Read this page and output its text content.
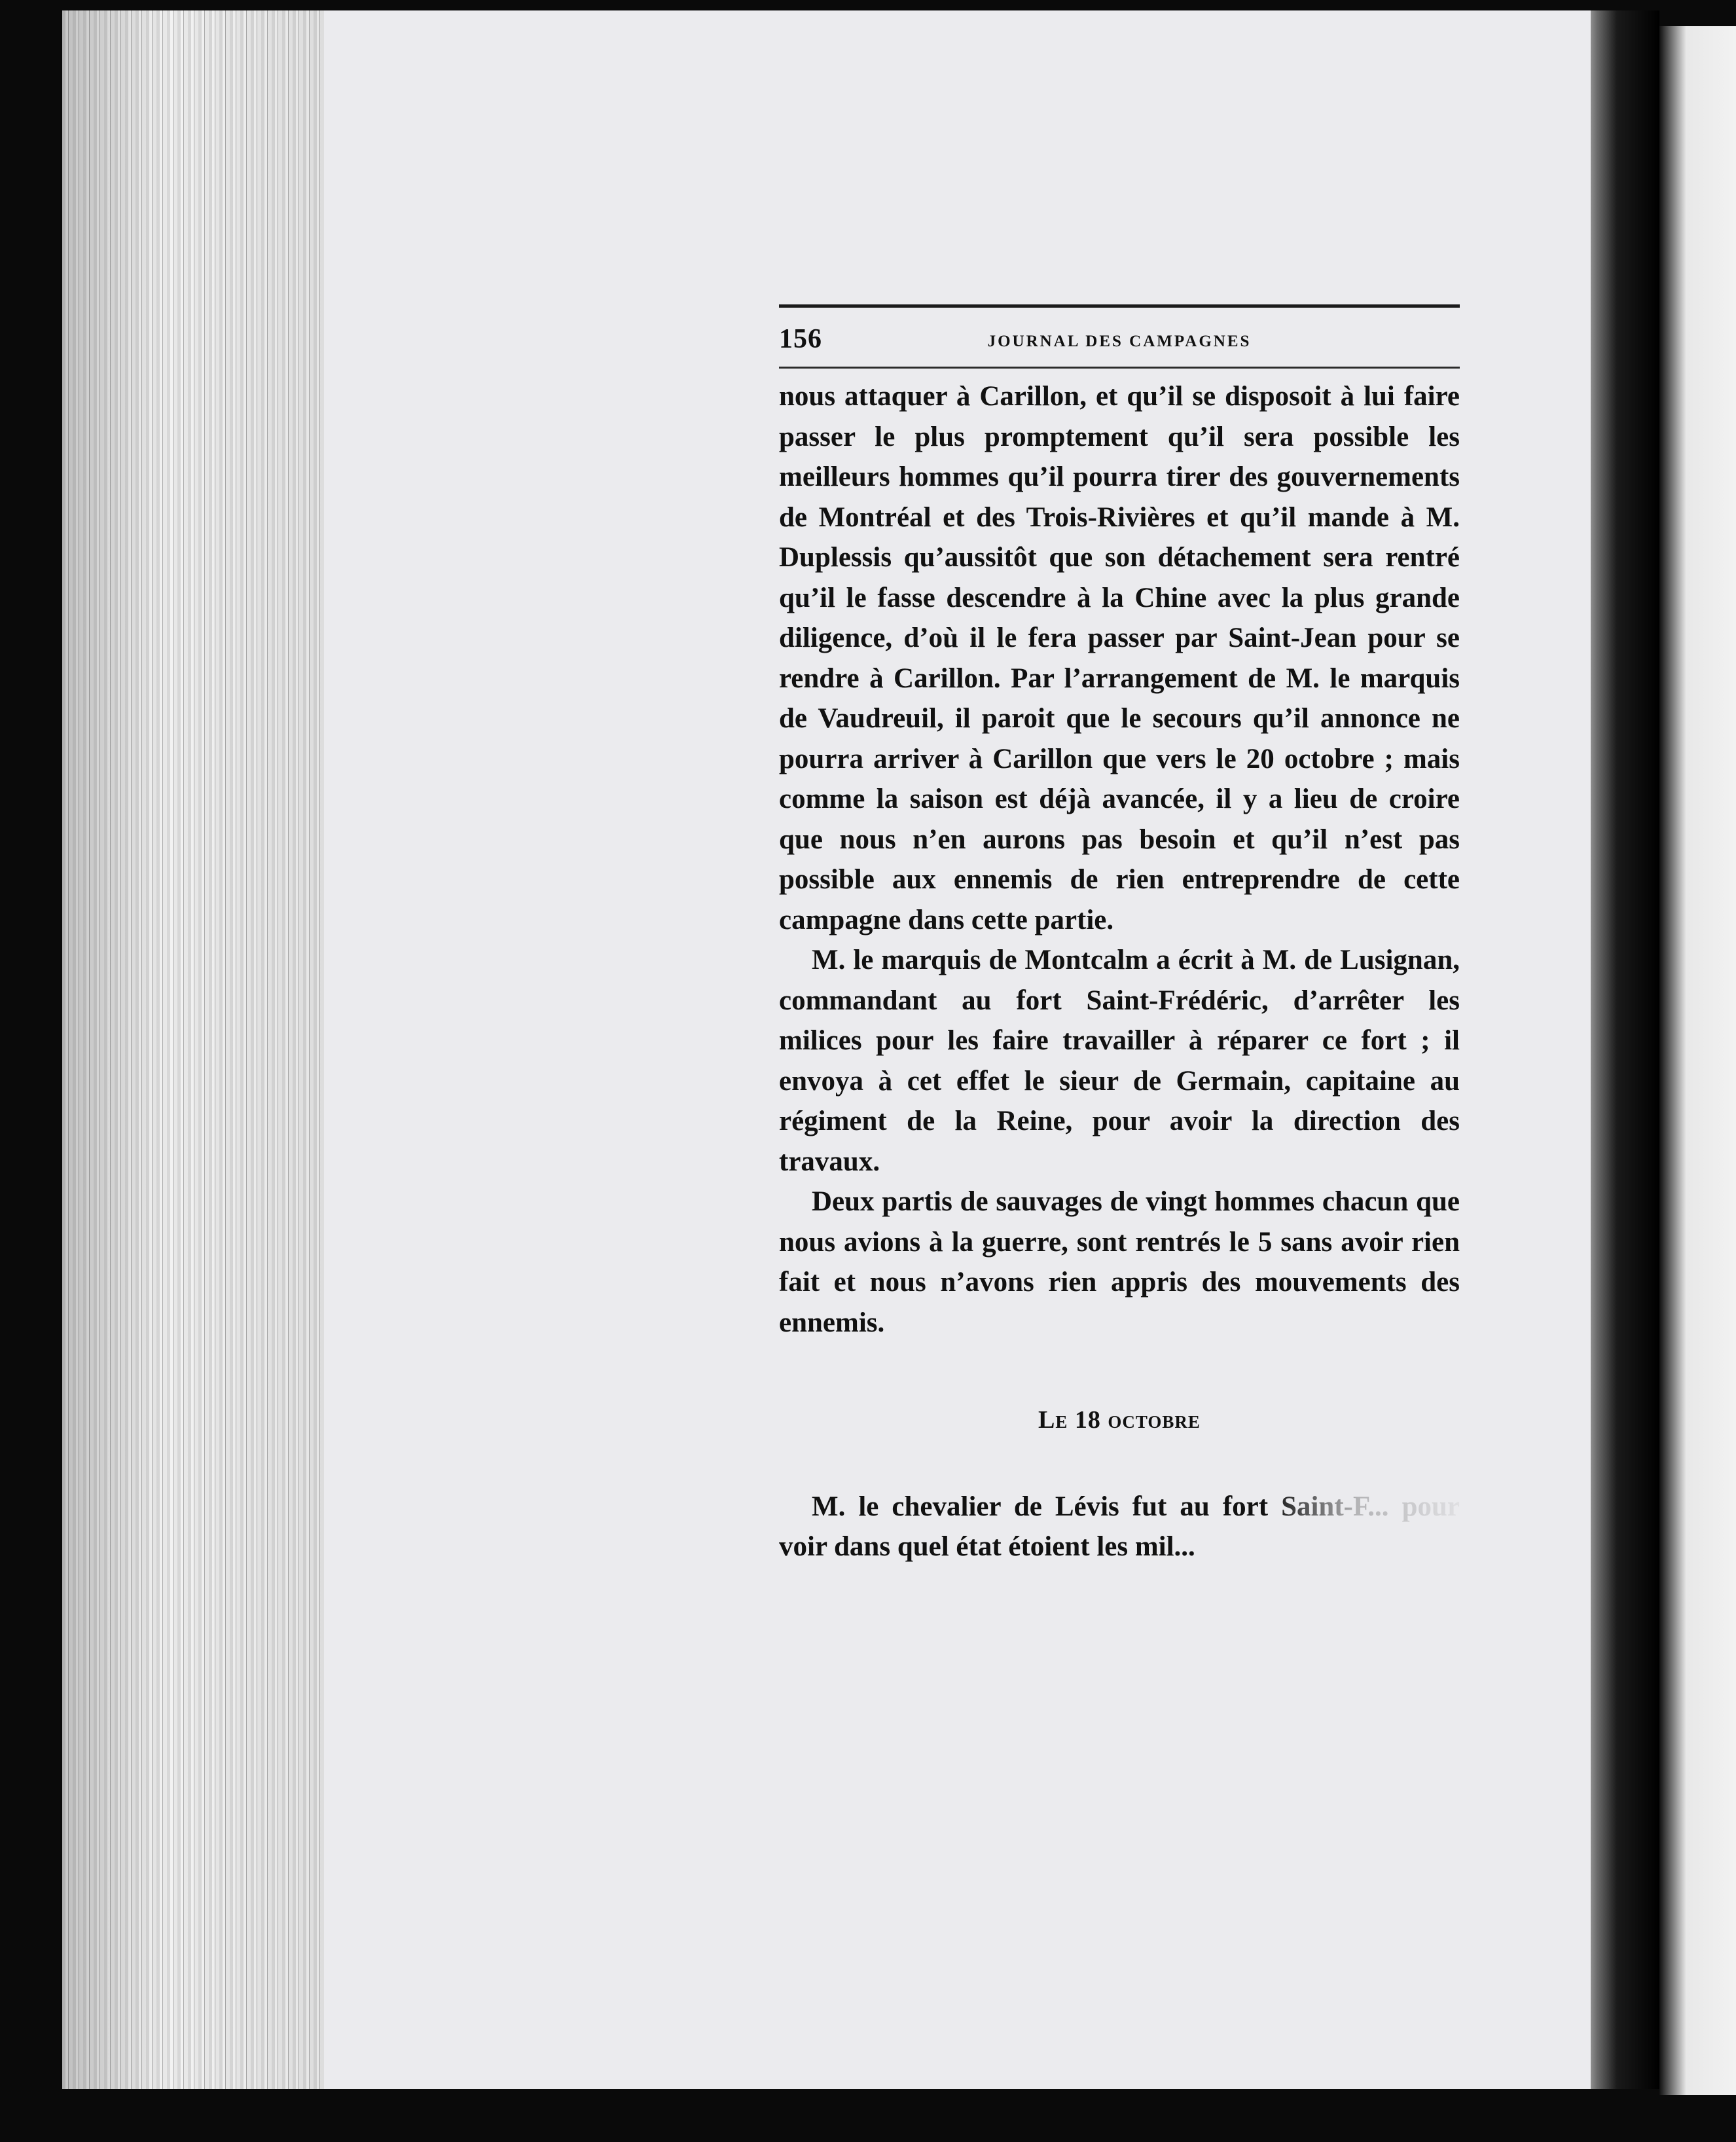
156	JOURNAL DES CAMPAGNES

nous attaquer à Carillon, et qu’il se disposoit à lui faire passer le plus promptement qu’il sera possible les meilleurs hommes qu’il pourra tirer des gouvernements de Montréal et des Trois-Rivières et qu’il mande à M. Duplessis qu’aussitôt que son détachement sera rentré qu’il le fasse descendre à la Chine avec la plus grande diligence, d’où il le fera passer par Saint-Jean pour se rendre à Carillon. Par l’arrangement de M. le marquis de Vaudreuil, il paroit que le secours qu’il annonce ne pourra arriver à Carillon que vers le 20 octobre ; mais comme la saison est déjà avancée, il y a lieu de croire que nous n’en aurons pas besoin et qu’il n’est pas possible aux ennemis de rien entreprendre de cette campagne dans cette partie.

M. le marquis de Montcalm a écrit à M. de Lusignan, commandant au fort Saint-Frédéric, d’arrêter les milices pour les faire travailler à réparer ce fort ; il envoya à cet effet le sieur de Germain, capitaine au régiment de la Reine, pour avoir la direction des travaux.

Deux partis de sauvages de vingt hommes chacun que nous avions à la guerre, sont rentrés le 5 sans avoir rien fait et nous n’avons rien appris des mouvements des ennemis.

Le 18 octobre

M. le chevalier de Lévis fut au fort Saint-F... pour voir dans quel état étoient les mil...
